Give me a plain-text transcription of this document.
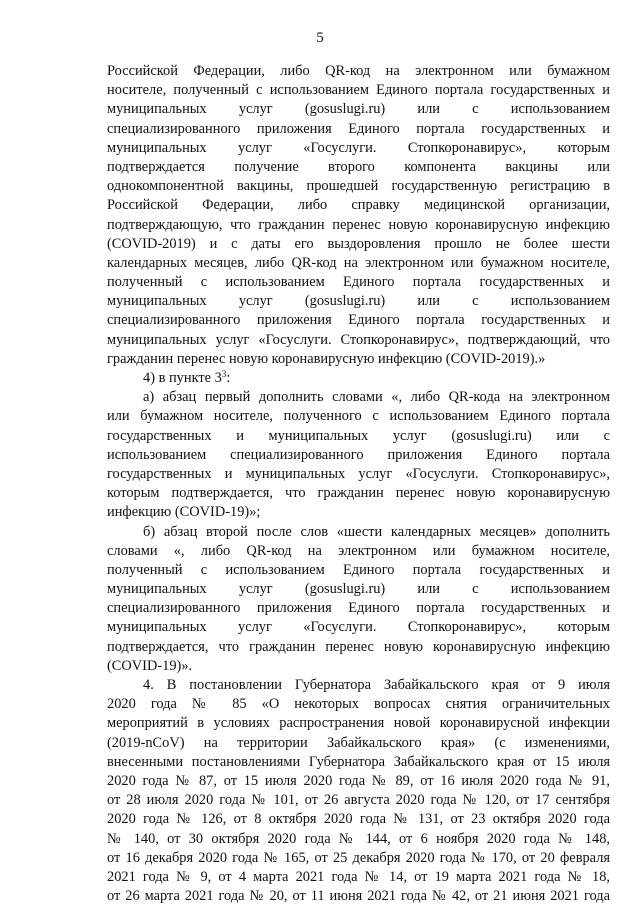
5
Российской Федерации, либо QR-код на электронном или бумажном
носителе, полученный с использованием Единого портала государственных и
муниципальных услуг (gosuslugi.ru) или с использованием
специализированного приложения Единого портала государственных и
муниципальных услуг «Госуслуги. Стопкоронавирус», которым
подтверждается получение второго компонента вакцины или
однокомпонентной вакцины, прошедшей государственную регистрацию в
Российской Федерации, либо справку медицинской организации,
подтверждающую, что гражданин перенес новую коронавирусную инфекцию
(COVID-2019) и с даты его выздоровления прошло не более шести
календарных месяцев, либо QR-код на электронном или бумажном носителе,
полученный с использованием Единого портала государственных и
муниципальных услуг (gosuslugi.ru) или с использованием
специализированного приложения Единого портала государственных и
муниципальных услуг «Госуслуги. Стопкоронавирус», подтверждающий, что
гражданин перенес новую коронавирусную инфекцию (COVID-2019).»
4) в пункте $3^3$:
а) абзац первый дополнить словами «, либо QR-кода на электронном
или бумажном носителе, полученного с использованием Единого портала
государственных и муниципальных услуг (gosuslugi.ru) или с
использованием специализированного приложения Единого портала
государственных и муниципальных услуг «Госуслуги. Стопкоронавирус»,
которым подтверждается, что гражданин перенес новую коронавирусную
инфекцию (COVID-19)»;
б) абзац второй после слов «шести календарных месяцев» дополнить
словами «, либо QR-код на электронном или бумажном носителе,
полученный с использованием Единого портала государственных и
муниципальных услуг (gosuslugi.ru) или с использованием
специализированного приложения Единого портала государственных и
муниципальных услуг «Госуслуги. Стопкоронавирус», которым
подтверждается, что гражданин перенес новую коронавирусную инфекцию
(COVID-19)».
4. В постановлении Губернатора Забайкальского края от 9 июля
2020 года № 85 «О некоторых вопросах снятия ограничительных
мероприятий в условиях распространения новой коронавирусной инфекции
(2019-nCoV) на территории Забайкальского края» (с изменениями,
внесенными постановлениями Губернатора Забайкальского края от 15 июля
2020 года № 87, от 15 июля 2020 года № 89, от 16 июля 2020 года № 91,
от 28 июля 2020 года № 101, от 26 августа 2020 года № 120, от 17 сентября
2020 года № 126, от 8 октября 2020 года № 131, от 23 октября 2020 года
№ 140, от 30 октября 2020 года № 144, от 6 ноября 2020 года № 148,
от 16 декабря 2020 года № 165, от 25 декабря 2020 года № 170, от 20 февраля
2021 года № 9, от 4 марта 2021 года № 14, от 19 марта 2021 года № 18,
от 26 марта 2021 года № 20, от 11 июня 2021 года № 42, от 21 июня 2021 года
